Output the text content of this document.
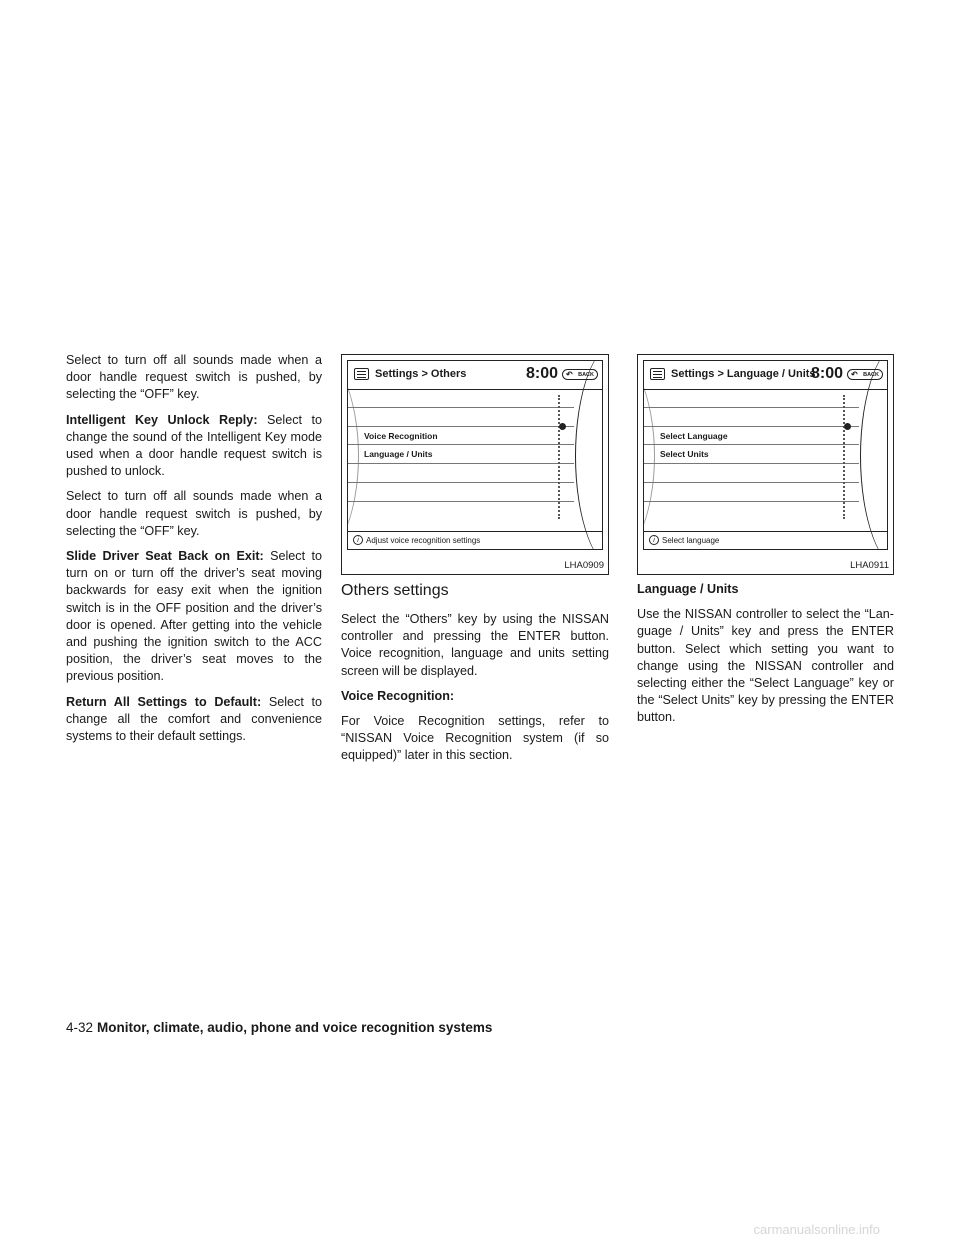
Select to turn off all sounds made when a door handle request switch is pushed, by selecting the “OFF” key.

Intelligent Key Unlock Reply: Select to change the sound of the Intelligent Key mode used when a door handle request switch is pushed to unlock.

Select to turn off all sounds made when a door handle request switch is pushed, by selecting the “OFF” key.

Slide Driver Seat Back on Exit: Select to turn on or turn off the driver’s seat moving backwards for easy exit when the ignition switch is in the OFF position and the driver’s door is opened. After getting into the vehicle and pushing the ignition switch to the ACC position, the driver’s seat moves to the previous position.

Return All Settings to Default: Select to change all the comfort and convenience systems to their default settings.

Settings > Others	8:00 ↶ BACK
Voice Recognition
Language / Units
i Adjust voice recognition settings
LHA0909
Settings > Language / Units
8:00 ↶ BACK
Select Language
Select Units
i Select language
LHA0911
Others settings

Select the “Others” key by using the NISSAN controller and pressing the ENTER button. Voice recognition, language and units setting screen will be displayed.

Voice Recognition:

For Voice Recognition settings, refer to “NISSAN Voice Recognition system (if so equipped)” later in this section.

Language / Units

Use the NISSAN controller to select the “Lan-guage / Units” key and press the ENTER button. Select which setting you want to change using the NISSAN controller and selecting either the “Select Language” key or the “Select Units” key by pressing the ENTER button.

4-32 Monitor, climate, audio, phone and voice recognition systems
carmanualsonline.info
